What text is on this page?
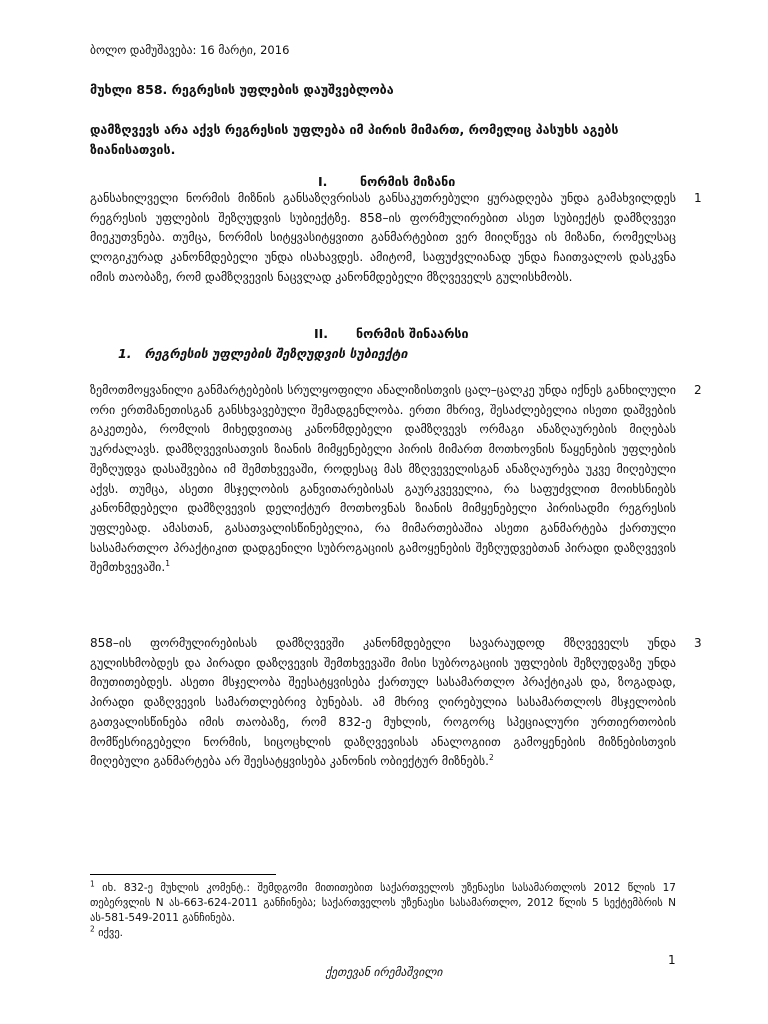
ბოლო დამუშავება: 16 მარტი, 2016
მუხლი 858. რეგრესის უფლების დაუშვებლობა
დამზღვევს არა აქვს რეგრესის უფლება იმ პირის მიმართ, რომელიც პასუხს აგებს ზიანისათვის.
I.	ნორმის მიზანი

განსახილველი ნორმის მიზნის განსაზღვრისას განსაკუთრებული ყურადღება უნდა გამახვილდეს რეგრესის უფლების შეზღუდვის სუბიექტზე. 858–ის ფორმულირებით ასეთ სუბიექტს დამზღვევი მიეკუთვნება. თუმცა, ნორმის სიტყვასიტყვითი განმარტებით ვერ მიიღწევა ის მიზანი, რომელსაც ლოგიკურად კანონმდებელი უნდა ისახავდეს. ამიტომ, საფუძვლიანად უნდა ჩაითვალოს დასკვნა იმის თაობაზე, რომ დამზღვევის ნაცვლად კანონმდებელი მზღვეველს გულისხმობს.

1
II. ნორმის შინაარსი
1. რეგრესის უფლების შეზღუდვის სუბიექტი

ზემოთმოყვანილი განმარტებების სრულყოფილი ანალიზისთვის ცალ–ცალკე უნდა იქნეს განხილული ორი ერთმანეთისგან განსხვავებული შემადგენლობა. ერთი მხრივ, შესაძლებელია ისეთი დაშვების გაკეთება, რომლის მიხედვითაც კანონმდებელი დამზღვევს ორმაგი ანაზღაურების მიღებას უკრძალავს. დამზღვევისათვის ზიანის მიმყენებელი პირის მიმართ მოთხოვნის წაყენების უფლების შეზღუდვა დასაშვებია იმ შემთხვევაში, როდესაც მას მზღვეველისგან ანაზღაურება უკვე მიღებული აქვს. თუმცა, ასეთი მსჯელობის განვითარებისას გაურკვეველია, რა საფუძვლით მოიხსნიებს კანონმდებელი დამზღვევის დელიქტურ მოთხოვნას ზიანის მიმყენებელი პირისადმი რეგრესის უფლებად. ამასთან, გასათვალისწინებელია, რა მიმართებაშია ასეთი განმარტება ქართული სასამართლო პრაქტიკით დადგენილი სუბროგაციის გამოყენების შეზღუდვებთან პირადი დაზღვევის შემთხვევაში.$^1$

2

858–ის ფორმულირებისას დამზღვევში კანონმდებელი სავარაუდოდ მზღვეველს უნდა გულისხმობდეს და პირადი დაზღვევის შემთხვევაში მისი სუბროგაციის უფლების შეზღუდვაზე უნდა მიუთითებდეს. ასეთი მსჯელობა შეესატყვისება ქართულ სასამართლო პრაქტიკას და, ზოგადად, პირადი დაზღვევის სამართლებრივ ბუნებას. ამ მხრივ ღირებულია სასამართლოს მსჯელობის გათვალისწინება იმის თაობაზე, რომ 832-ე მუხლის, როგორც სპეციალური ურთიერთობის მომწესრიგებელი ნორმის, სიცოცხლის დაზღვევისას ანალოგიით გამოყენების მიზნებისთვის მიღებული განმარტება არ შეესატყვისება კანონის ობიექტურ მიზნებს.$^2$

3

$^1$ იხ. 832-ე მუხლის კომენტ.: შემდგომი მითითებით საქართველოს უზენაესი სასამართლოს 2012 წლის 17 თებერვლის N ას-663-624-2011 განჩინება; საქართველოს უზენაესი სასამართლო, 2012 წლის 5 სექტემბრის N ას-581-549-2011 განჩინება.

$^2$ იქვე.

1
ქეთევან ირემაშვილი
